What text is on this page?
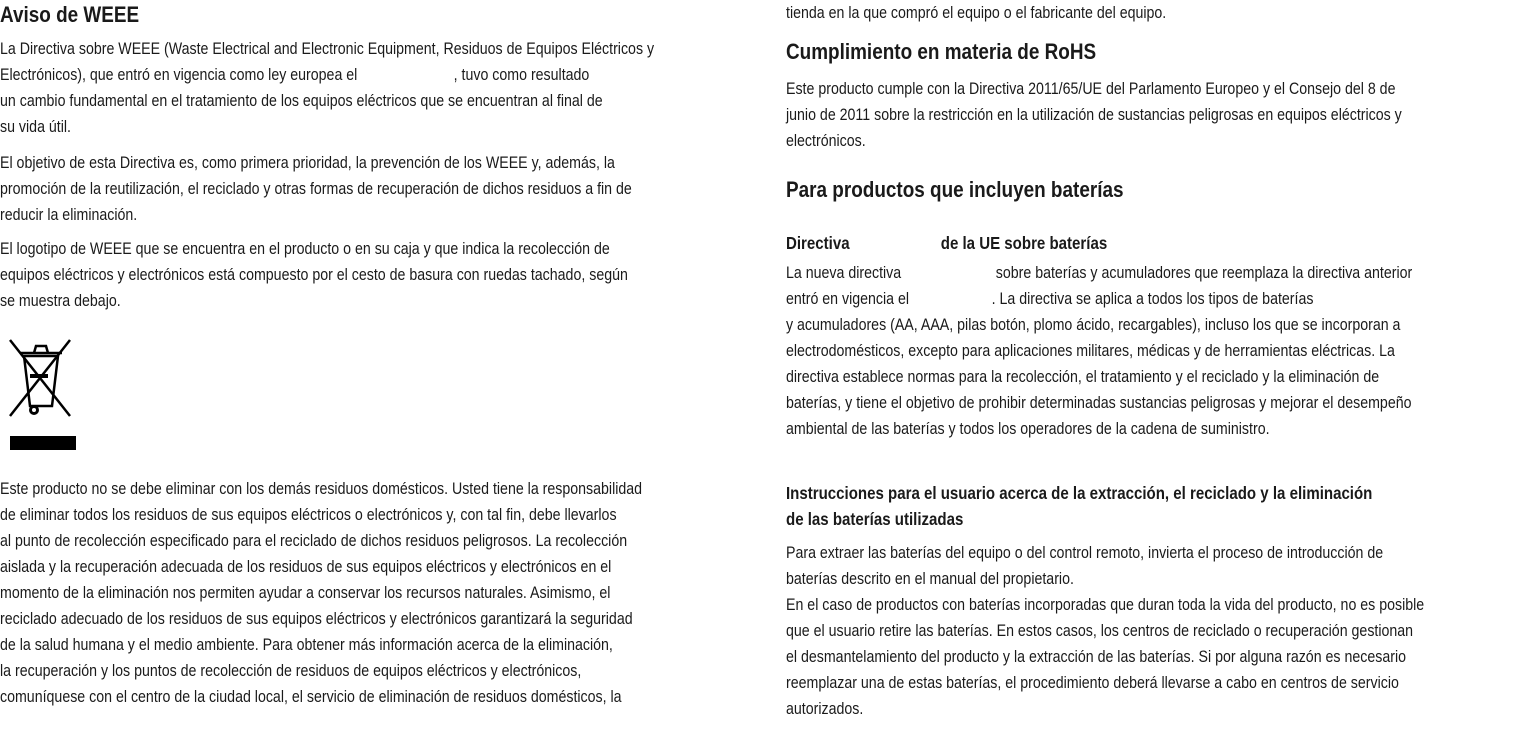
Aviso de WEEE
La Directiva sobre WEEE (Waste Electrical and Electronic Equipment, Residuos de Equipos Eléctricos y
Electrónicos), que entró en vigencia como ley europea el	, tuvo como resultado
un cambio fundamental en el tratamiento de los equipos eléctricos que se encuentran al final de
su vida útil.
El objetivo de esta Directiva es, como primera prioridad, la prevención de los WEEE y, además, la
promoción de la reutilización, el reciclado y otras formas de recuperación de dichos residuos a fin de
reducir la eliminación.
El logotipo de WEEE que se encuentra en el producto o en su caja y que indica la recolección de
equipos eléctricos y electrónicos está compuesto por el cesto de basura con ruedas tachado, según
se muestra debajo.
Este producto no se debe eliminar con los demás residuos domésticos. Usted tiene la responsabilidad
de eliminar todos los residuos de sus equipos eléctricos o electrónicos y, con tal fin, debe llevarlos
al punto de recolección especificado para el reciclado de dichos residuos peligrosos. La recolección
aislada y la recuperación adecuada de los residuos de sus equipos eléctricos y electrónicos en el
momento de la eliminación nos permiten ayudar a conservar los recursos naturales. Asimismo, el
reciclado adecuado de los residuos de sus equipos eléctricos y electrónicos garantizará la seguridad
de la salud humana y el medio ambiente. Para obtener más información acerca de la eliminación,
la recuperación y los puntos de recolección de residuos de equipos eléctricos y electrónicos,
comuníquese con el centro de la ciudad local, el servicio de eliminación de residuos domésticos, la
tienda en la que compró el equipo o el fabricante del equipo.
Cumplimiento en materia de RoHS
Este producto cumple con la Directiva 2011/65/UE del Parlamento Europeo y el Consejo del 8 de
junio de 2011 sobre la restricción en la utilización de sustancias peligrosas en equipos eléctricos y
electrónicos.
Para productos que incluyen baterías
Directiva	de la UE sobre baterías
La nueva directiva	sobre baterías y acumuladores que reemplaza la directiva anterior
entró en vigencia el	. La directiva se aplica a todos los tipos de baterías
y acumuladores (AA, AAA, pilas botón, plomo ácido, recargables), incluso los que se incorporan a
electrodomésticos, excepto para aplicaciones militares, médicas y de herramientas eléctricas. La
directiva establece normas para la recolección, el tratamiento y el reciclado y la eliminación de
baterías, y tiene el objetivo de prohibir determinadas sustancias peligrosas y mejorar el desempeño
ambiental de las baterías y todos los operadores de la cadena de suministro.
Instrucciones para el usuario acerca de la extracción, el reciclado y la eliminación
de las baterías utilizadas
Para extraer las baterías del equipo o del control remoto, invierta el proceso de introducción de
baterías descrito en el manual del propietario.
En el caso de productos con baterías incorporadas que duran toda la vida del producto, no es posible
que el usuario retire las baterías. En estos casos, los centros de reciclado o recuperación gestionan
el desmantelamiento del producto y la extracción de las baterías. Si por alguna razón es necesario
reemplazar una de estas baterías, el procedimiento deberá llevarse a cabo en centros de servicio
autorizados.
